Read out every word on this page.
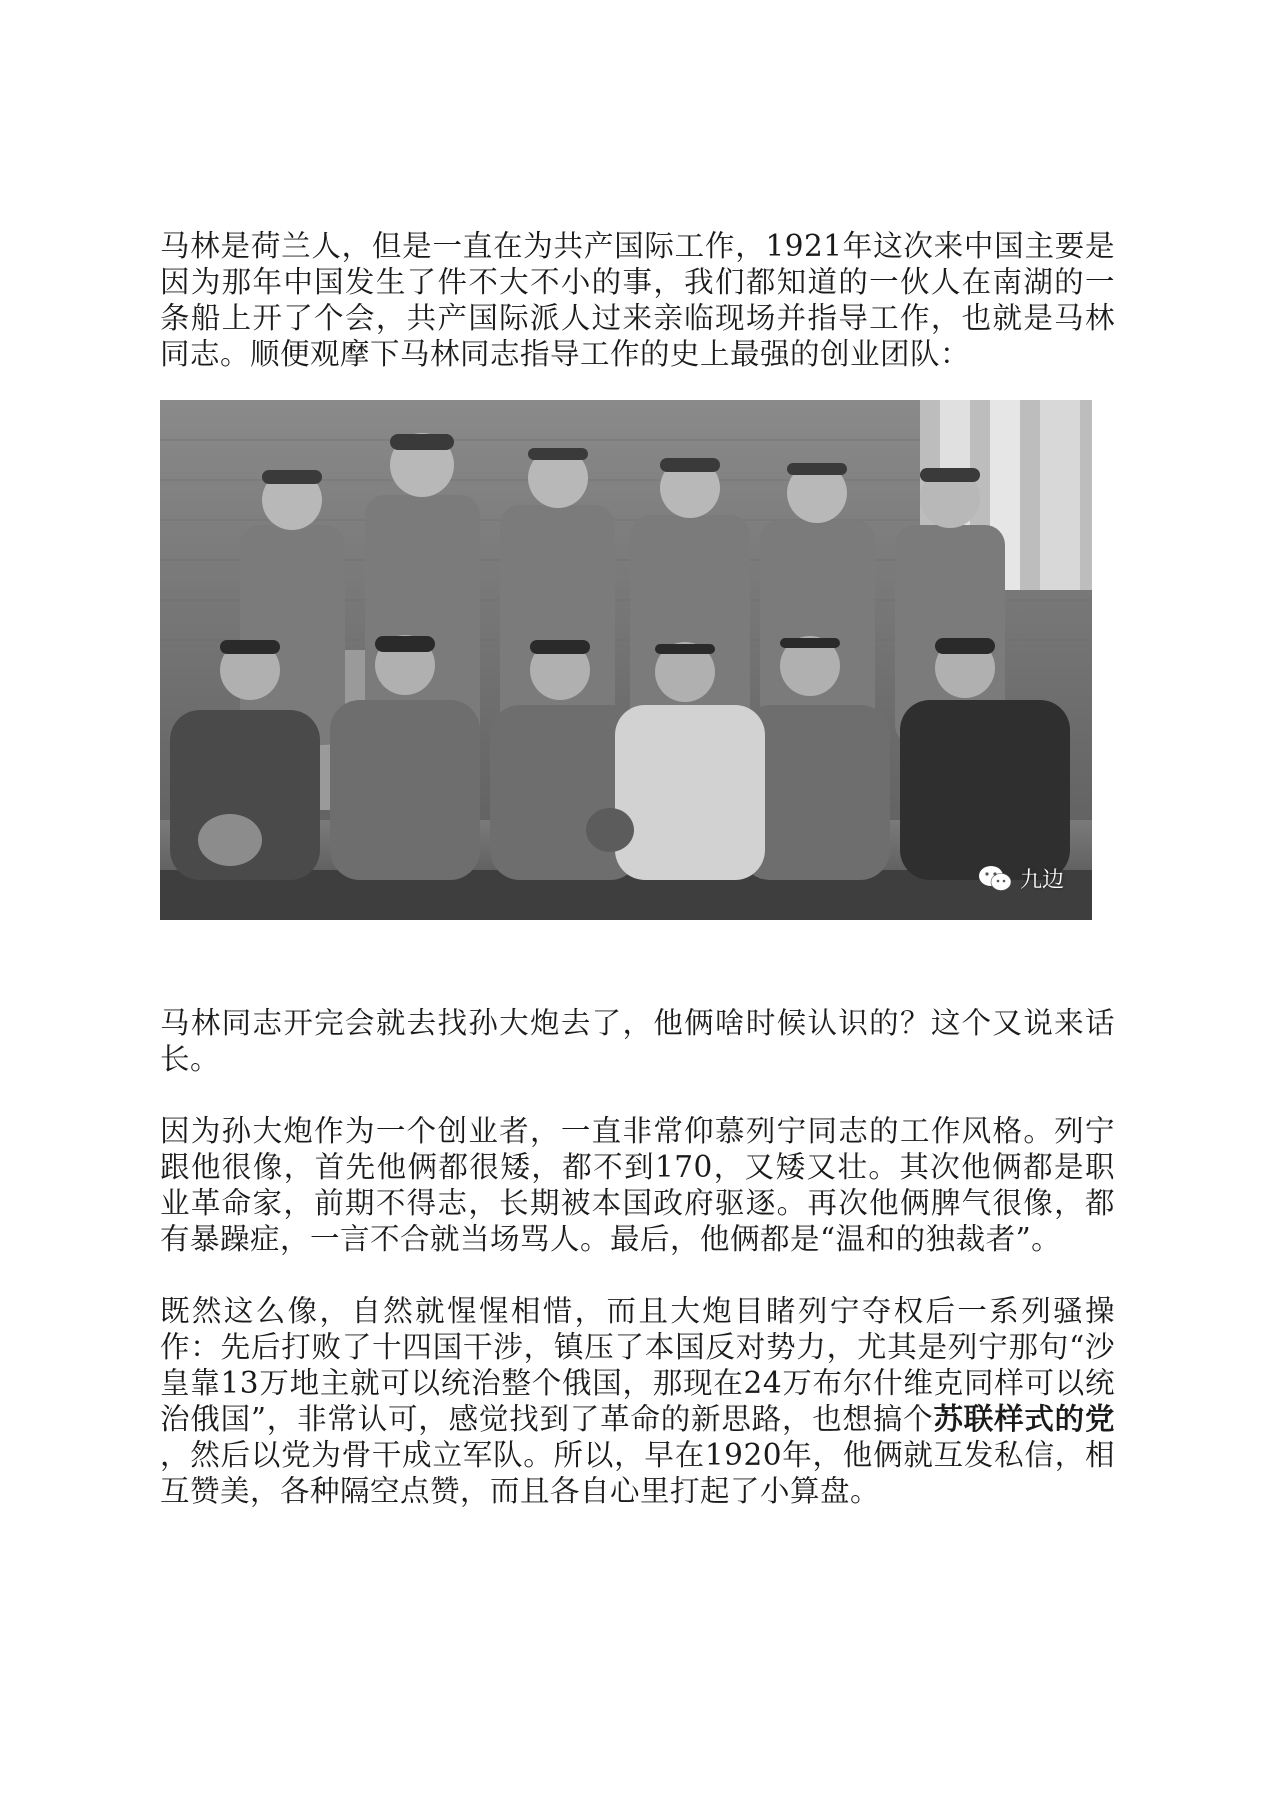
马林是荷兰人，但是一直在为共产国际工作，1921年这次来中国主要是因为那年中国发生了件不大不小的事，我们都知道的一伙人在南湖的一条船上开了个会，共产国际派人过来亲临现场并指导工作，也就是马林同志。顺便观摩下马林同志指导工作的史上最强的创业团队：

九边

马林同志开完会就去找孙大炮去了，他俩啥时候认识的？这个又说来话长。

因为孙大炮作为一个创业者，一直非常仰慕列宁同志的工作风格。列宁跟他很像，首先他俩都很矮，都不到170，又矮又壮。其次他俩都是职业革命家，前期不得志，长期被本国政府驱逐。再次他俩脾气很像，都有暴躁症，一言不合就当场骂人。最后，他俩都是“温和的独裁者”。

既然这么像，自然就惺惺相惜，而且大炮目睹列宁夺权后一系列骚操作：先后打败了十四国干涉，镇压了本国反对势力，尤其是列宁那句“沙皇靠13万地主就可以统治整个俄国，那现在24万布尔什维克同样可以统治俄国”，非常认可，感觉找到了革命的新思路，也想搞个苏联样式的党 ，然后以党为骨干成立军队。所以，早在1920年，他俩就互发私信，相互赞美，各种隔空点赞，而且各自心里打起了小算盘。
